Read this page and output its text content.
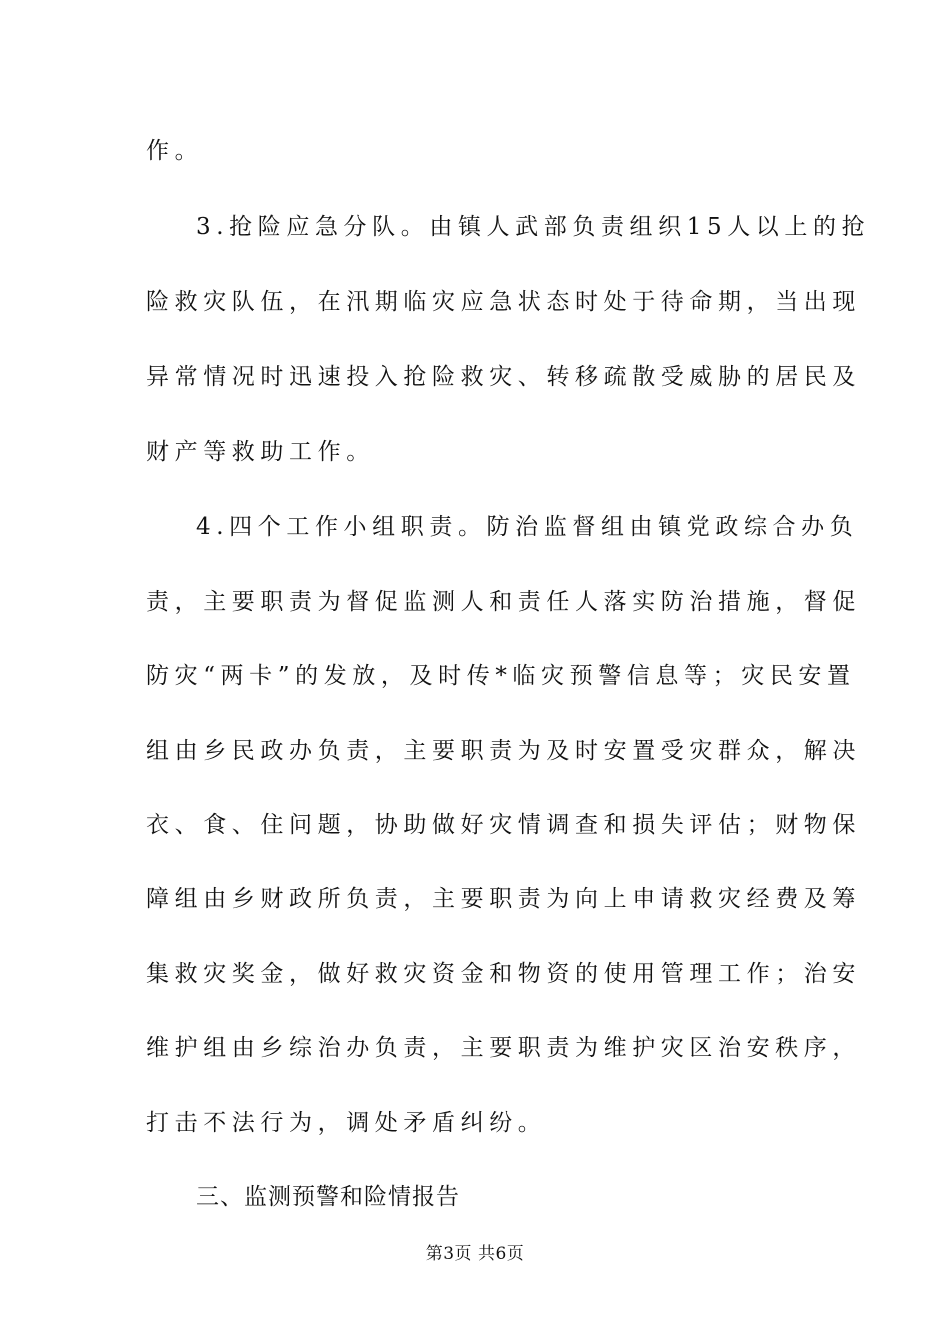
作。
3.抢险应急分队。由镇人武部负责组织15人以上的抢
险救灾队伍，在汛期临灾应急状态时处于待命期，当出现
异常情况时迅速投入抢险救灾、转移疏散受威胁的居民及
财产等救助工作。
4.四个工作小组职责。防治监督组由镇党政综合办负
责，主要职责为督促监测人和责任人落实防治措施，督促
防灾“两卡”的发放，及时传*临灾预警信息等；灾民安置
组由乡民政办负责，主要职责为及时安置受灾群众，解决
衣、食、住问题，协助做好灾情调查和损失评估；财物保
障组由乡财政所负责，主要职责为向上申请救灾经费及筹
集救灾奖金，做好救灾资金和物资的使用管理工作；治安
维护组由乡综治办负责，主要职责为维护灾区治安秩序，
打击不法行为，调处矛盾纠纷。
三、监测预警和险情报告
第3页 共6页
